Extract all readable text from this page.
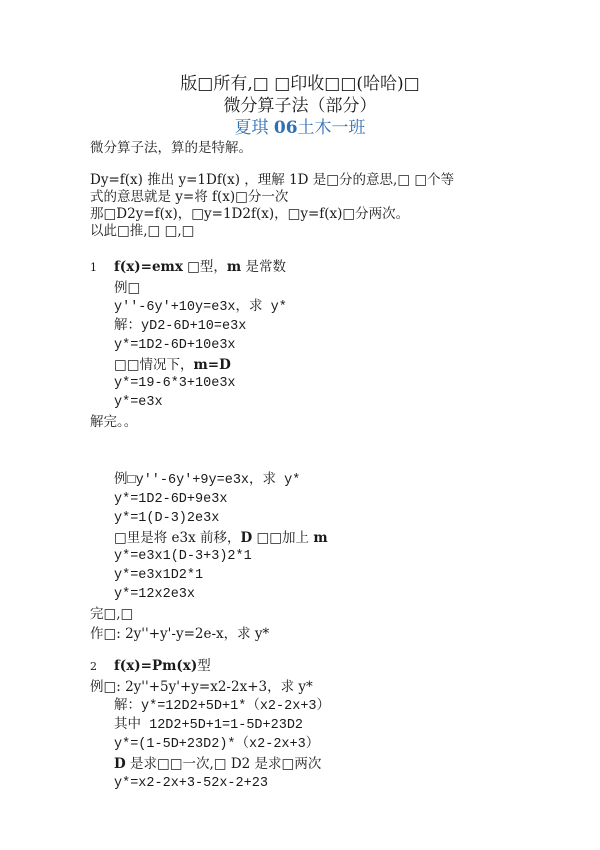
版□所有,□ □印收□□(哈哈)□
微分算子法（部分）
夏琪 06土木一班
微分算子法，算的是特解。
Dy=f(x) 推出 y=1Df(x) ，理解 1D 是□分的意思,□ □个等
式的意思就是 y=将 f(x)□分一次
那□D2y=f(x)，□y=1D2f(x)，□y=f(x)□分两次。
以此□推,□ □,□
1 f(x)=emx □型，m 是常数
例□
y''-6y'+10y=e3x，求 y*
解：yD2-6D+10=e3x
y*=1D2-6D+10e3x
□□情况下，m=D
y*=19-6*3+10e3x
y*=e3x
解完。。
例□y''-6y'+9y=e3x，求 y*
y*=1D2-6D+9e3x
y*=1(D-3)2e3x
□里是将 e3x 前移，D □□加上 m
y*=e3x1(D-3+3)2*1
y*=e3x1D2*1
y*=12x2e3x
完□,□
作□: 2y''+y'-y=2e-x，求 y*
2 f(x)=Pm(x)型
例□: 2y''+5y'+y=x2-2x+3，求 y*
解：y*=12D2+5D+1*（x2-2x+3）
其中 12D2+5D+1=1-5D+23D2
y*=(1-5D+23D2)*（x2-2x+3）
D 是求□□一次,□ D2 是求□两次
y*=x2-2x+3-52x-2+23
